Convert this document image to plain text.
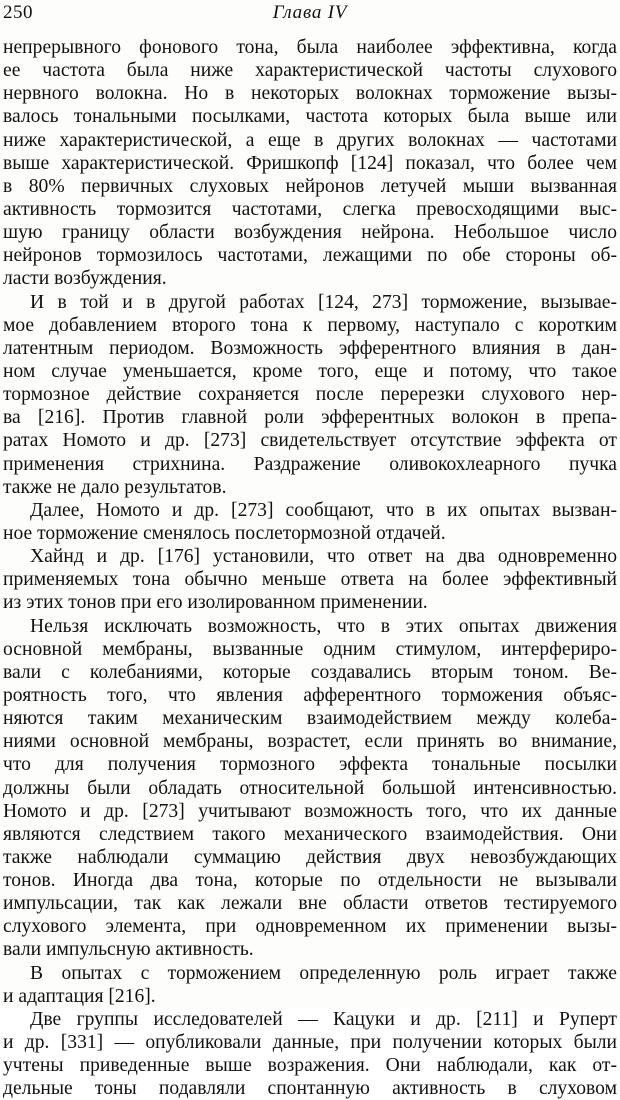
250	Глава IV
непрерывного фонового тона, была наиболее эффективна, когда
ее частота была ниже характеристической частоты слухового
нервного волокна. Но в некоторых волокнах торможение вызы-
валось тональными посылками, частота которых была выше или
ниже характеристической, а еще в других волокнах — частотами
выше характеристической. Фришкопф [124] показал, что более чем
в 80% первичных слуховых нейронов летучей мыши вызванная
активность тормозится частотами, слегка превосходящими выс-
шую границу области возбуждения нейрона. Небольшое число
нейронов тормозилось частотами, лежащими по обе стороны об-
ласти возбуждения.
И в той и в другой работах [124, 273] торможение, вызывае-
мое добавлением второго тона к первому, наступало с коротким
латентным периодом. Возможность эфферентного влияния в дан-
ном случае уменьшается, кроме того, еще и потому, что такое
тормозное действие сохраняется после перерезки слухового нер-
ва [216]. Против главной роли эфферентных волокон в препа-
ратах Номото и др. [273] свидетельствует отсутствие эффекта от
применения стрихнина. Раздражение оливокохлеарного пучка
также не дало результатов.
Далее, Номото и др. [273] сообщают, что в их опытах вызван-
ное торможение сменялось послетормозной отдачей.
Хайнд и др. [176] установили, что ответ на два одновременно
применяемых тона обычно меньше ответа на более эффективный
из этих тонов при его изолированном применении.
Нельзя исключать возможность, что в этих опытах движения
основной мембраны, вызванные одним стимулом, интерфериро-
вали с колебаниями, которые создавались вторым тоном. Ве-
роятность того, что явления афферентного торможения объяс-
няются таким механическим взаимодействием между колеба-
ниями основной мембраны, возрастет, если принять во внимание,
что для получения тормозного эффекта тональные посылки
должны были обладать относительной большой интенсивностью.
Номото и др. [273] учитывают возможность того, что их данные
являются следствием такого механического взаимодействия. Они
также наблюдали суммацию действия двух невозбуждающих
тонов. Иногда два тона, которые по отдельности не вызывали
импульсации, так как лежали вне области ответов тестируемого
слухового элемента, при одновременном их применении вызы-
вали импульсную активность.
В опытах с торможением определенную роль играет также
и адаптация [216].
Две группы исследователей — Кацуки и др. [211] и Руперт
и др. [331] — опубликовали данные, при получении которых были
учтены приведенные выше возражения. Они наблюдали, как от-
дельные тоны подавляли спонтанную активность в слуховом
